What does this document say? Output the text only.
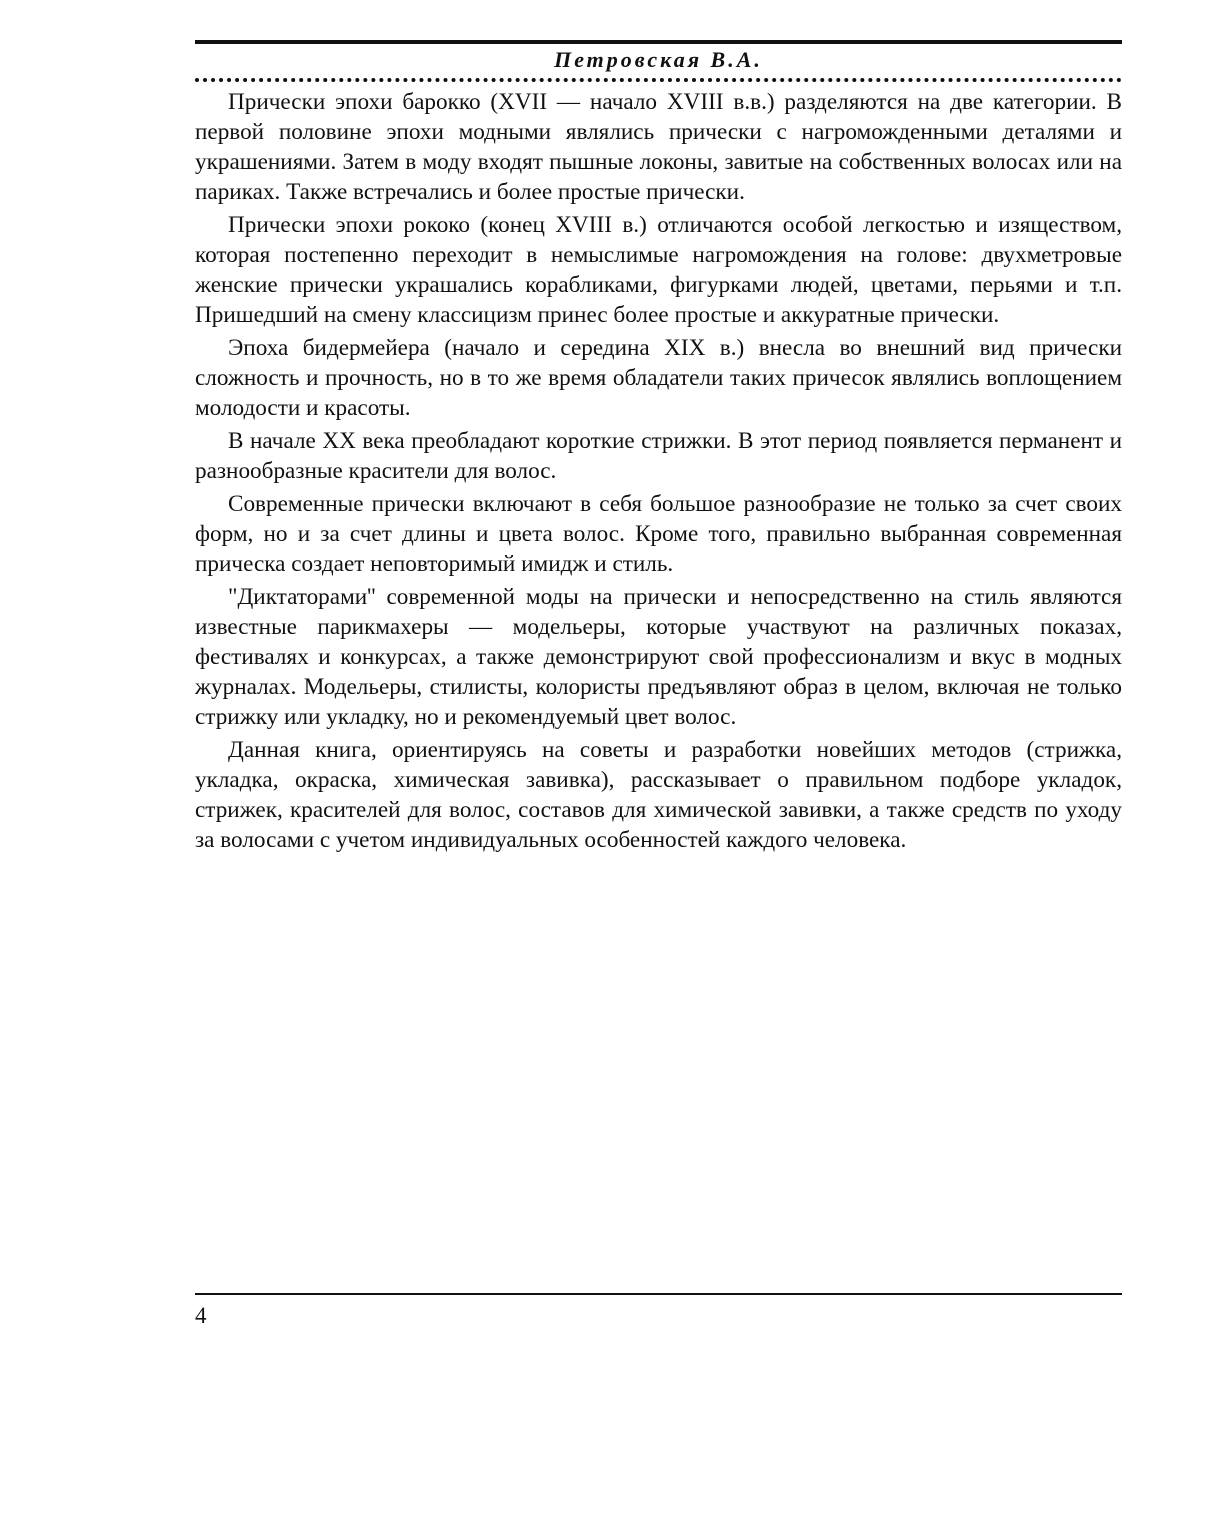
Петровская В.А.

Прически эпохи барокко (XVII — начало XVIII в.в.) разделяются на две категории. В первой половине эпохи модными являлись прически с нагроможденными деталями и украшениями. Затем в моду входят пышные локоны, завитые на собственных волосах или на париках. Также встречались и более простые прически.

Прически эпохи рококо (конец XVIII в.) отличаются особой легкостью и изяществом, которая постепенно переходит в немыслимые нагромождения на голове: двухметровые женские прически украшались корабликами, фигурками людей, цветами, перьями и т.п. Пришедший на смену классицизм принес более простые и аккуратные прически.

Эпоха бидермейера (начало и середина XIX в.) внесла во внешний вид прически сложность и прочность, но в то же время обладатели таких причесок являлись воплощением молодости и красоты.

В начале XX века преобладают короткие стрижки. В этот период появляется перманент и разнообразные красители для волос.

Современные прически включают в себя большое разнообразие не только за счет своих форм, но и за счет длины и цвета волос. Кроме того, правильно выбранная современная прическа создает неповторимый имидж и стиль.

"Диктаторами'' современной моды на прически и непосредственно на стиль являются известные парикмахеры — модельеры, которые участвуют на различных показах, фестивалях и конкурсах, а также демонстрируют свой профессионализм и вкус в модных журналах. Модельеры, стилисты, колористы предъявляют образ в целом, включая не только стрижку или укладку, но и рекомендуемый цвет волос.

Данная книга, ориентируясь на советы и разработки новейших методов (стрижка, укладка, окраска, химическая завивка), рассказывает о правильном подборе укладок, стрижек, красителей для волос, составов для химической завивки, а также средств по уходу за волосами с учетом индивидуальных особенностей каждого человека.

4
